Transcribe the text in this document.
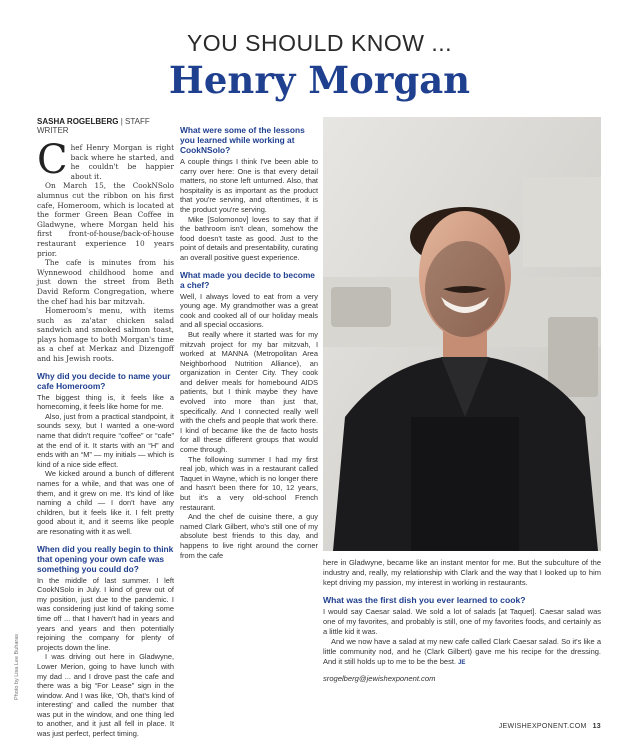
YOU SHOULD KNOW ...
Henry Morgan
SASHA ROGELBERG | STAFF WRITER

Chef Henry Morgan is right back where he started, and he couldn't be happier about it.

On March 15, the CookNSolo alumnus cut the ribbon on his first cafe, Homeroom, which is located at the former Green Bean Coffee in Gladwyne, where Morgan held his first front-of-house/back-of-house restaurant experience 10 years prior.

The cafe is minutes from his Wynnewood childhood home and just down the street from Beth David Reform Congregation, where the chef had his bar mitzvah.

Homeroom's menu, with items such as za'atar chicken salad sandwich and smoked salmon toast, plays homage to both Morgan's time as a chef at Merkaz and Dizengoff and his Jewish roots.

Why did you decide to name your cafe Homeroom?

The biggest thing is, it feels like a homecoming, it feels like home for me.

Also, just from a practical standpoint, it sounds sexy, but I wanted a one-word name that didn't require “coffee” or “cafe” at the end of it. It starts with an “H” and ends with an “M” — my initials — which is kind of a nice side effect.

We kicked around a bunch of different names for a while, and that was one of them, and it grew on me. It's kind of like naming a child — I don't have any children, but it feels like it. I felt pretty good about it, and it seems like people are resonating with it as well.

When did you really begin to think that opening your own cafe was something you could do?

In the middle of last summer. I left CookNSolo in July. I kind of grew out of my position, just due to the pandemic. I was considering just kind of taking some time off ... that I haven't had in years and years and years and then potentially rejoining the company for plenty of projects down the line.

I was driving out here in Gladwyne, Lower Merion, going to have lunch with my dad ... and I drove past the cafe and there was a big “For Lease” sign in the window. And I was like, ‘Oh, that's kind of interesting’ and called the number that was put in the window, and one thing led to another, and it just all fell in place. It was just perfect, perfect timing.

What were some of the lessons you learned while working at CookNSolo?

A couple things I think I've been able to carry over here: One is that every detail matters, no stone left unturned. Also, that hospitality is as important as the product that you're serving, and oftentimes, it is the product you're serving.

Mike [Solomonov] loves to say that if the bathroom isn't clean, somehow the food doesn't taste as good. Just to the point of details and presentability, curating an overall positive guest experience.

What made you decide to become a chef?

Well, I always loved to eat from a very young age. My grandmother was a great cook and cooked all of our holiday meals and all special occasions.

But really where it started was for my mitzvah project for my bar mitzvah, I worked at MANNA (Metropolitan Area Neighborhood Nutrition Alliance), an organization in Center City. They cook and deliver meals for homebound AIDS patients, but I think maybe they have evolved into more than just that, specifically. And I connected really well with the chefs and people that work there. I kind of became like the de facto hosts for all these different groups that would come through.

The following summer I had my first real job, which was in a restaurant called Taquet in Wayne, which is no longer there and hasn't been there for 10, 12 years, but it's a very old-school French restaurant.

And the chef de cuisine there, a guy named Clark Gilbert, who's still one of my absolute best friends to this day, and happens to live right around the corner from the cafe

here in Gladwyne, became like an instant mentor for me. But the subculture of the industry and, really, my relationship with Clark and the way that I looked up to him kept driving my passion, my interest in working in restaurants.

What was the first dish you ever learned to cook?

I would say Caesar salad. We sold a lot of salads [at Taquet]. Caesar salad was one of my favorites, and probably is still, one of my favorites foods, and certainly as a little kid it was.

And we now have a salad at my new cafe called Clark Caesar salad. So it's like a little community nod, and he (Clark Gilbert) gave me his recipe for the dressing. And it still holds up to me to be the best. JE

srogelberg@jewishexponent.com
Photo by Lisa Lee Buharas
JEWISHEXPONENT.COM 13
